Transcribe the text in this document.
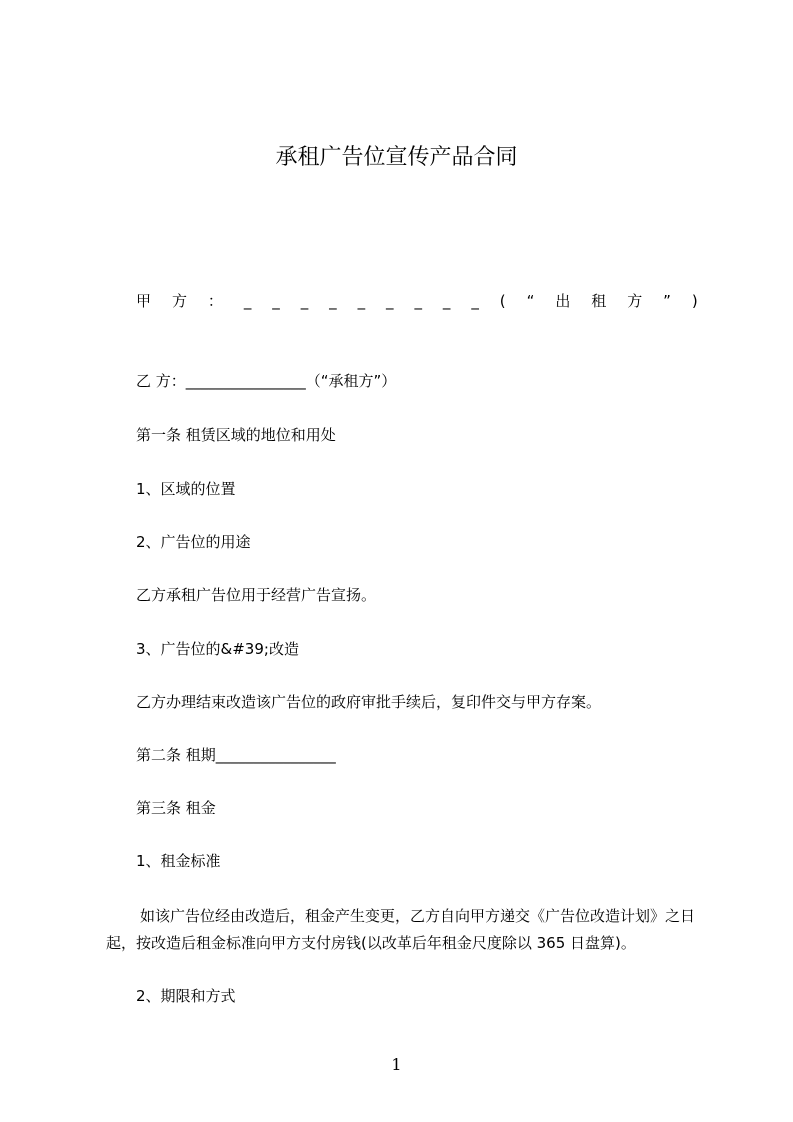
承租广告位宣传产品合同
甲 方 ： _ _ _ _ _ _ _ _ _ ( “ 出 租 方 ” )
乙 方：________________（“承租方”）
第一条 租赁区域的地位和用处
1、区域的位置
2、广告位的用途
乙方承租广告位用于经营广告宣扬。
3、广告位的&#39;改造
乙方办理结束改造该广告位的政府审批手续后，复印件交与甲方存案。
第二条 租期________________
第三条 租金
1、租金标准
如该广告位经由改造后，租金产生变更，乙方自向甲方递交《广告位改造计划》之日起，按改造后租金标准向甲方支付房钱(以改革后年租金尺度除以 365 日盘算)。
2、期限和方式
1
